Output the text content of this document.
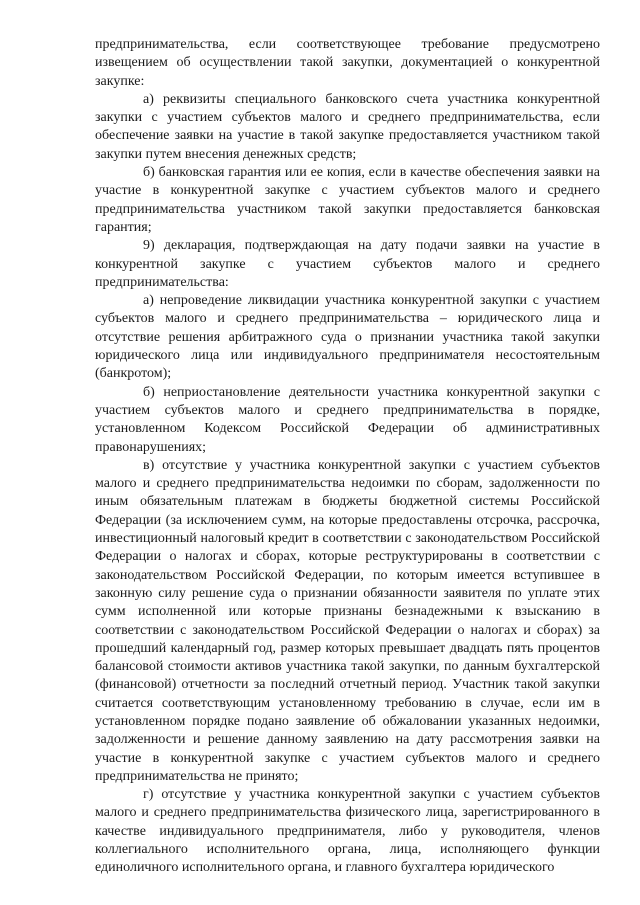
предпринимательства, если соответствующее требование предусмотрено извещением об осуществлении такой закупки, документацией о конкурентной закупке:

а) реквизиты специального банковского счета участника конкурентной закупки с участием субъектов малого и среднего предпринимательства, если обеспечение заявки на участие в такой закупке предоставляется участником такой закупки путем внесения денежных средств;

б) банковская гарантия или ее копия, если в качестве обеспечения заявки на участие в конкурентной закупке с участием субъектов малого и среднего предпринимательства участником такой закупки предоставляется банковская гарантия;

9) декларация, подтверждающая на дату подачи заявки на участие в конкурентной закупке с участием субъектов малого и среднего предпринимательства:

а) непроведение ликвидации участника конкурентной закупки с участием субъектов малого и среднего предпринимательства – юридического лица и отсутствие решения арбитражного суда о признании участника такой закупки юридического лица или индивидуального предпринимателя несостоятельным (банкротом);

б) неприостановление деятельности участника конкурентной закупки с участием субъектов малого и среднего предпринимательства в порядке, установленном Кодексом Российской Федерации об административных правонарушениях;

в) отсутствие у участника конкурентной закупки с участием субъектов малого и среднего предпринимательства недоимки по сборам, задолженности по иным обязательным платежам в бюджеты бюджетной системы Российской Федерации (за исключением сумм, на которые предоставлены отсрочка, рассрочка, инвестиционный налоговый кредит в соответствии с законодательством Российской Федерации о налогах и сборах, которые реструктурированы в соответствии с законодательством Российской Федерации, по которым имеется вступившее в законную силу решение суда о признании обязанности заявителя по уплате этих сумм исполненной или которые признаны безнадежными к взысканию в соответствии с законодательством Российской Федерации о налогах и сборах) за прошедший календарный год, размер которых превышает двадцать пять процентов балансовой стоимости активов участника такой закупки, по данным бухгалтерской (финансовой) отчетности за последний отчетный период. Участник такой закупки считается соответствующим установленному требованию в случае, если им в установленном порядке подано заявление об обжаловании указанных недоимки, задолженности и решение данному заявлению на дату рассмотрения заявки на участие в конкурентной закупке с участием субъектов малого и среднего предпринимательства не принято;

г) отсутствие у участника конкурентной закупки с участием субъектов малого и среднего предпринимательства физического лица, зарегистрированного в качестве индивидуального предпринимателя, либо у руководителя, членов коллегиального исполнительного органа, лица, исполняющего функции единоличного исполнительного органа, и главного бухгалтера юридического
